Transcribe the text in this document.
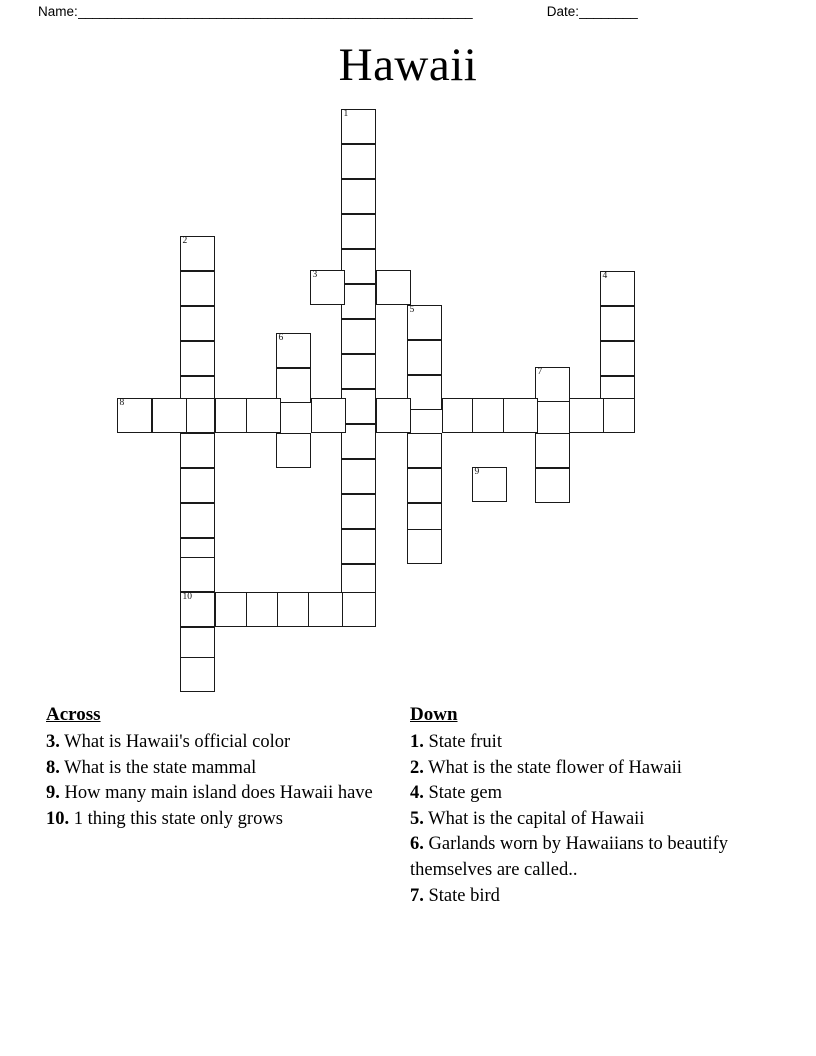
Name: ______________________________________________________	Date: ________
Hawaii
1
2
10
3	4
5
6
7
8
9
Across
3. What is Hawaii's official color
8. What is the state mammal
9. How many main island does Hawaii have
10. 1 thing this state only grows
Down
1. State fruit
2. What is the state flower of Hawaii
4. State gem
5. What is the capital of Hawaii
6. Garlands worn by Hawaiians to beautify themselves are called..
7. State bird
